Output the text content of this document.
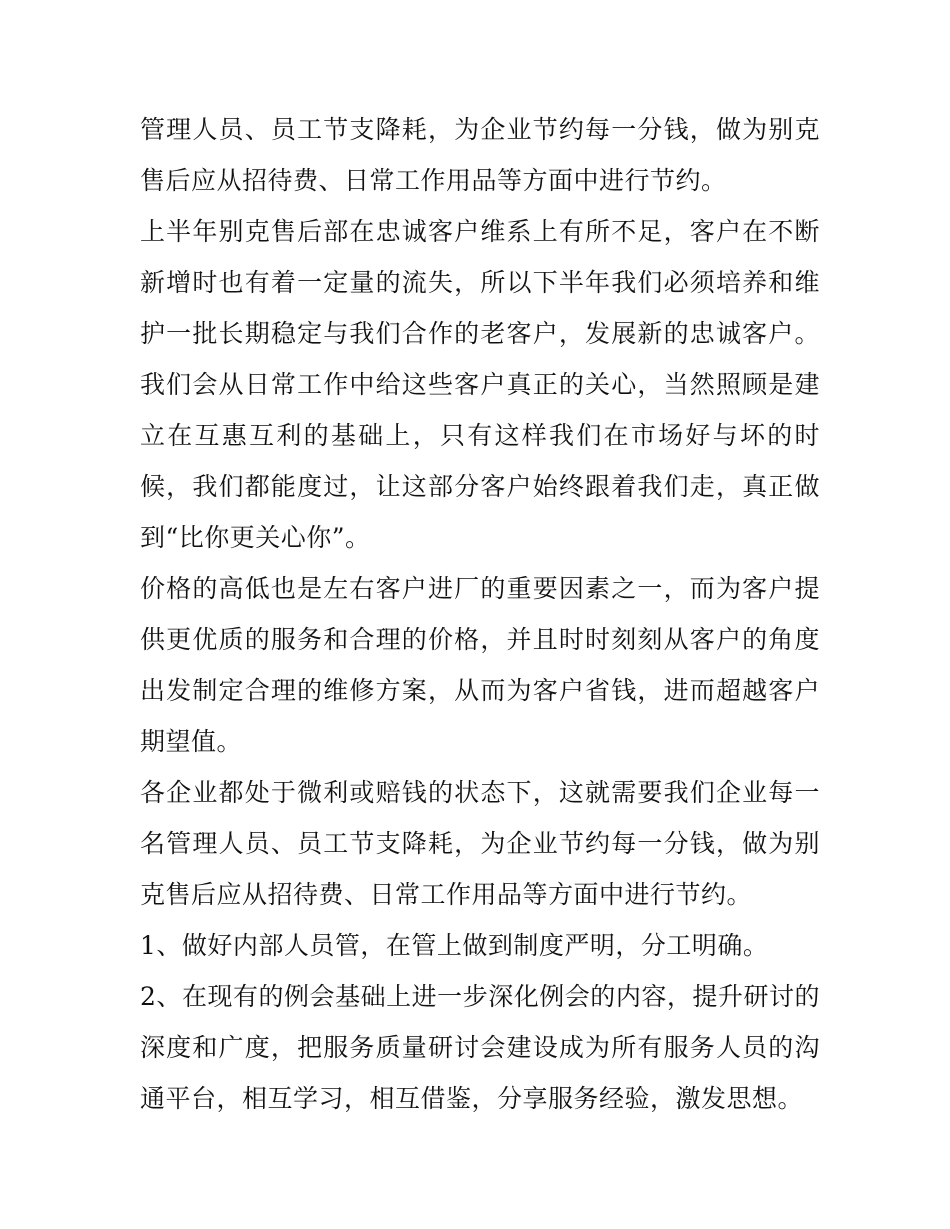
管理人员、员工节支降耗，为企业节约每一分钱，做为别克售后应从招待费、日常工作用品等方面中进行节约。

上半年别克售后部在忠诚客户维系上有所不足，客户在不断新增时也有着一定量的流失，所以下半年我们必须培养和维护一批长期稳定与我们合作的老客户，发展新的忠诚客户。我们会从日常工作中给这些客户真正的关心，当然照顾是建立在互惠互利的基础上，只有这样我们在市场好与坏的时候，我们都能度过，让这部分客户始终跟着我们走，真正做到“比你更关心你”。

价格的高低也是左右客户进厂的重要因素之一，而为客户提供更优质的服务和合理的价格，并且时时刻刻从客户的角度出发制定合理的维修方案，从而为客户省钱，进而超越客户期望值。

各企业都处于微利或赔钱的状态下，这就需要我们企业每一名管理人员、员工节支降耗，为企业节约每一分钱，做为别克售后应从招待费、日常工作用品等方面中进行节约。

1、做好内部人员管，在管上做到制度严明，分工明确。

2、在现有的例会基础上进一步深化例会的内容，提升研讨的深度和广度，把服务质量研讨会建设成为所有服务人员的沟通平台，相互学习，相互借鉴，分享服务经验，激发思想。
